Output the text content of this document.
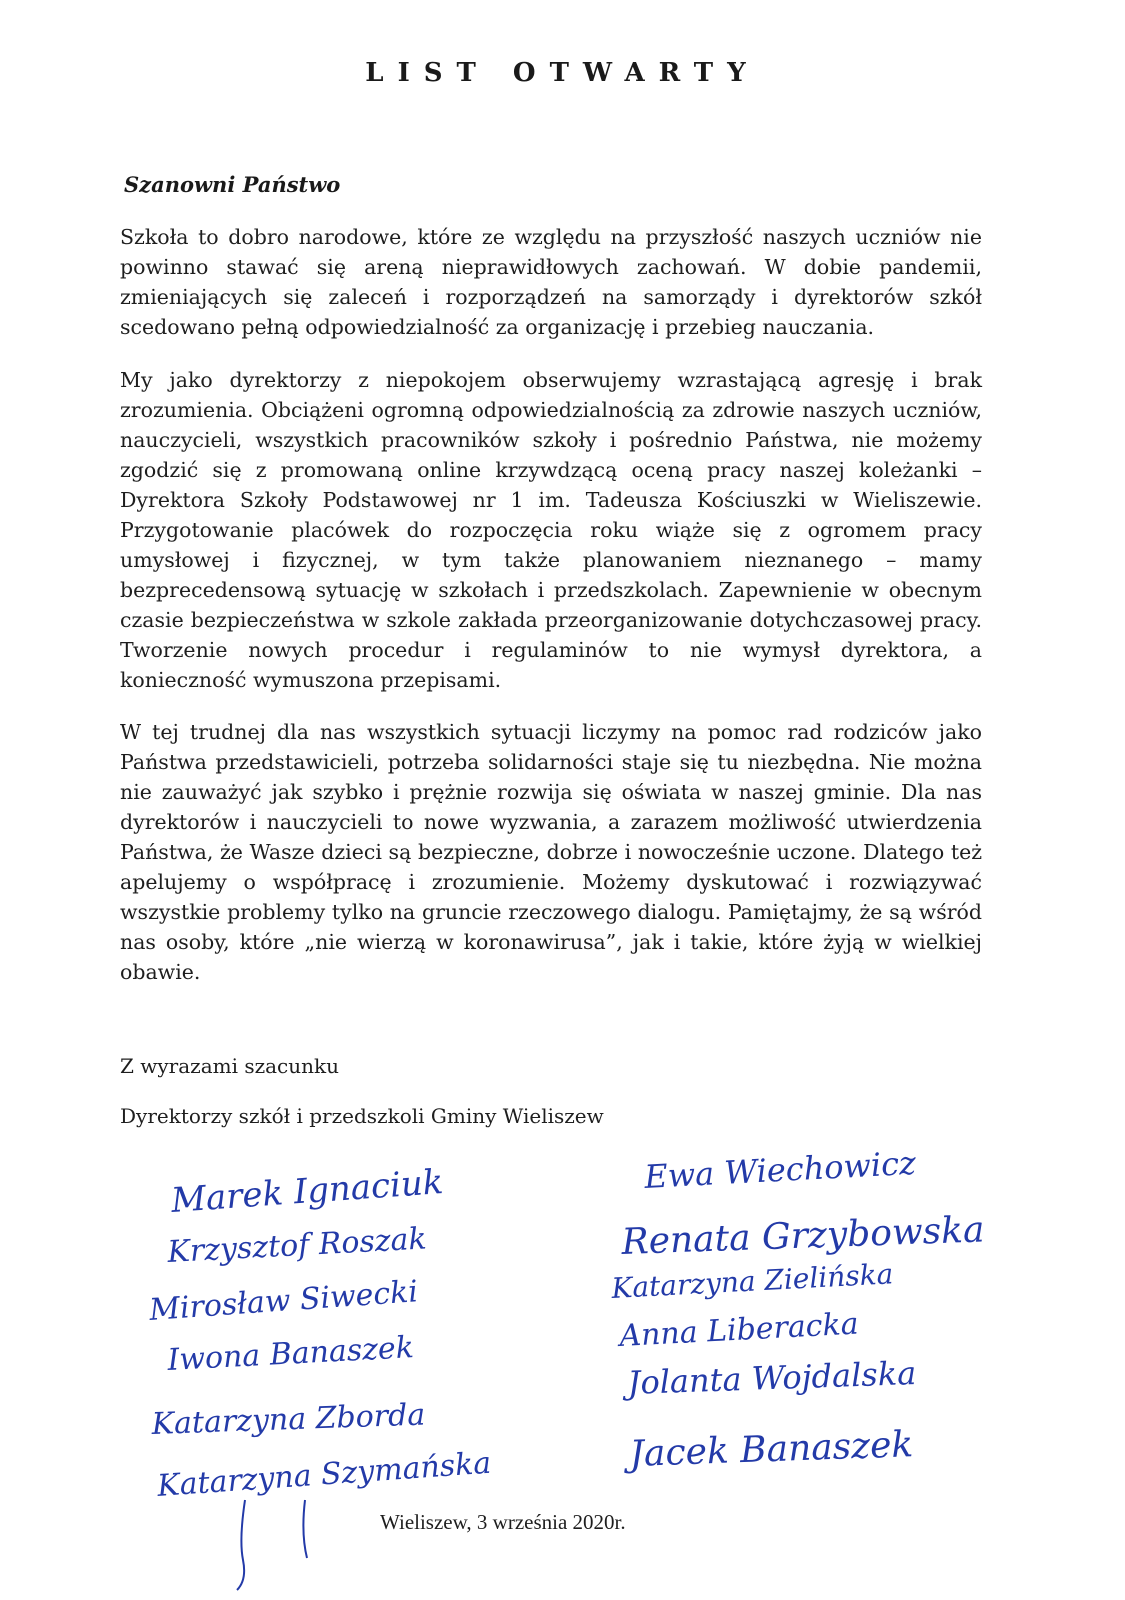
LIST OTWARTY
Szanowni Państwo
Szkoła to dobro narodowe, które ze względu na przyszłość naszych uczniów nie powinno stawać się areną nieprawidłowych zachowań. W dobie pandemii, zmieniających się zaleceń i rozporządzeń na samorządy i dyrektorów szkół scedowano pełną odpowiedzialność za organizację i przebieg nauczania.
My jako dyrektorzy z niepokojem obserwujemy wzrastającą agresję i brak zrozumienia. Obciążeni ogromną odpowiedzialnością za zdrowie naszych uczniów, nauczycieli, wszystkich pracowników szkoły i pośrednio Państwa, nie możemy zgodzić się z promowaną online krzywdzącą oceną pracy naszej koleżanki – Dyrektora Szkoły Podstawowej nr 1 im. Tadeusza Kościuszki w Wieliszewie. Przygotowanie placówek do rozpoczęcia roku wiąże się z ogromem pracy umysłowej i fizycznej, w tym także planowaniem nieznanego – mamy bezprecedensową sytuację w szkołach i przedszkolach. Zapewnienie w obecnym czasie bezpieczeństwa w szkole zakłada przeorganizowanie dotychczasowej pracy. Tworzenie nowych procedur i regulaminów to nie wymysł dyrektora, a konieczność wymuszona przepisami.
W tej trudnej dla nas wszystkich sytuacji liczymy na pomoc rad rodziców jako Państwa przedstawicieli, potrzeba solidarności staje się tu niezbędna. Nie można nie zauważyć jak szybko i prężnie rozwija się oświata w naszej gminie. Dla nas dyrektorów i nauczycieli to nowe wyzwania, a zarazem możliwość utwierdzenia Państwa, że Wasze dzieci są bezpieczne, dobrze i nowocześnie uczone. Dlatego też apelujemy o współpracę i zrozumienie. Możemy dyskutować i rozwiązywać wszystkie problemy tylko na gruncie rzeczowego dialogu. Pamiętajmy, że są wśród nas osoby, które „nie wierzą w koronawirusa”, jak i takie, które żyją w wielkiej obawie.
Z wyrazami szacunku
Dyrektorzy szkół i przedszkoli Gminy Wieliszew
Marek Ignaciuk
Krzysztof Roszak
Mirosław Siwecki
Iwona Banaszek
Katarzyna Zborda
Katarzyna Szymańska
Ewa Wiechowicz
Renata Grzybowska
Katarzyna Zielińska
Anna Liberacka
Jolanta Wojdalska
Jacek Banaszek
Wieliszew, 3 września 2020r.
